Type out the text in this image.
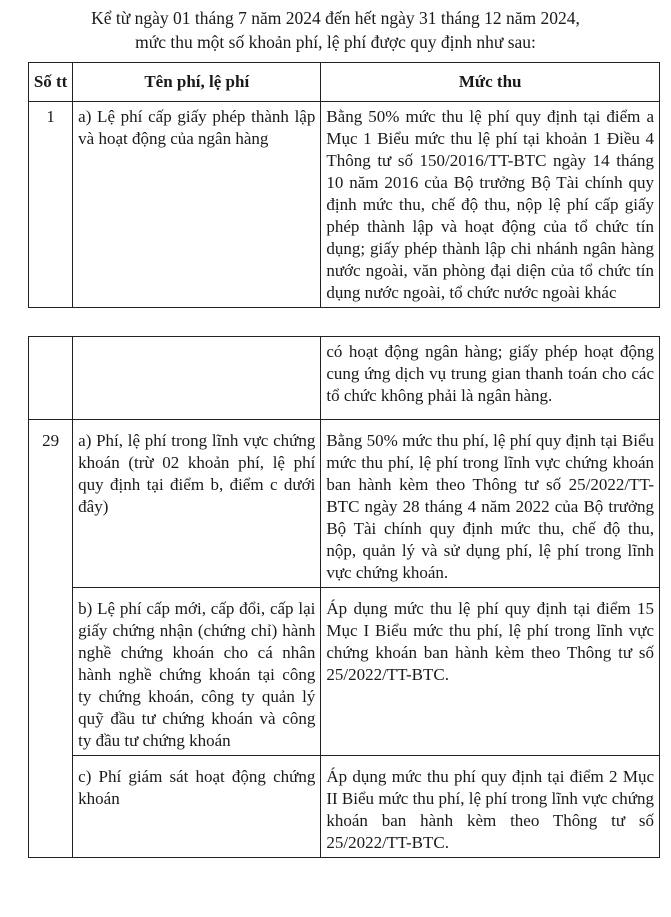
Kể từ ngày 01 tháng 7 năm 2024 đến hết ngày 31 tháng 12 năm 2024,
mức thu một số khoản phí, lệ phí được quy định như sau:
Số tt	Tên phí, lệ phí	Mức thu
1	a) Lệ phí cấp giấy phép thành lập và hoạt động của ngân hàng	Bằng 50% mức thu lệ phí quy định tại điểm a Mục 1 Biểu mức thu lệ phí tại khoản 1 Điều 4 Thông tư số 150/2016/TT-BTC ngày 14 tháng 10 năm 2016 của Bộ trưởng Bộ Tài chính quy định mức thu, chế độ thu, nộp lệ phí cấp giấy phép thành lập và hoạt động của tổ chức tín dụng; giấy phép thành lập chi nhánh ngân hàng nước ngoài, văn phòng đại diện của tổ chức tín dụng nước ngoài, tổ chức nước ngoài khác
		có hoạt động ngân hàng; giấy phép hoạt động cung ứng dịch vụ trung gian thanh toán cho các tổ chức không phải là ngân hàng.
29	a) Phí, lệ phí trong lĩnh vực chứng khoán (trừ 02 khoản phí, lệ phí quy định tại điểm b, điểm c dưới đây)	Bằng 50% mức thu phí, lệ phí quy định tại Biểu mức thu phí, lệ phí trong lĩnh vực chứng khoán ban hành kèm theo Thông tư số 25/2022/TT-BTC ngày 28 tháng 4 năm 2022 của Bộ trưởng Bộ Tài chính quy định mức thu, chế độ thu, nộp, quản lý và sử dụng phí, lệ phí trong lĩnh vực chứng khoán.
	b) Lệ phí cấp mới, cấp đổi, cấp lại giấy chứng nhận (chứng chỉ) hành nghề chứng khoán cho cá nhân hành nghề chứng khoán tại công ty chứng khoán, công ty quản lý quỹ đầu tư chứng khoán và công ty đầu tư chứng khoán	Áp dụng mức thu lệ phí quy định tại điểm 15 Mục I Biểu mức thu phí, lệ phí trong lĩnh vực chứng khoán ban hành kèm theo Thông tư số 25/2022/TT-BTC.
	c) Phí giám sát hoạt động chứng khoán	Áp dụng mức thu phí quy định tại điểm 2 Mục II Biểu mức thu phí, lệ phí trong lĩnh vực chứng khoán ban hành kèm theo Thông tư số 25/2022/TT-BTC.
